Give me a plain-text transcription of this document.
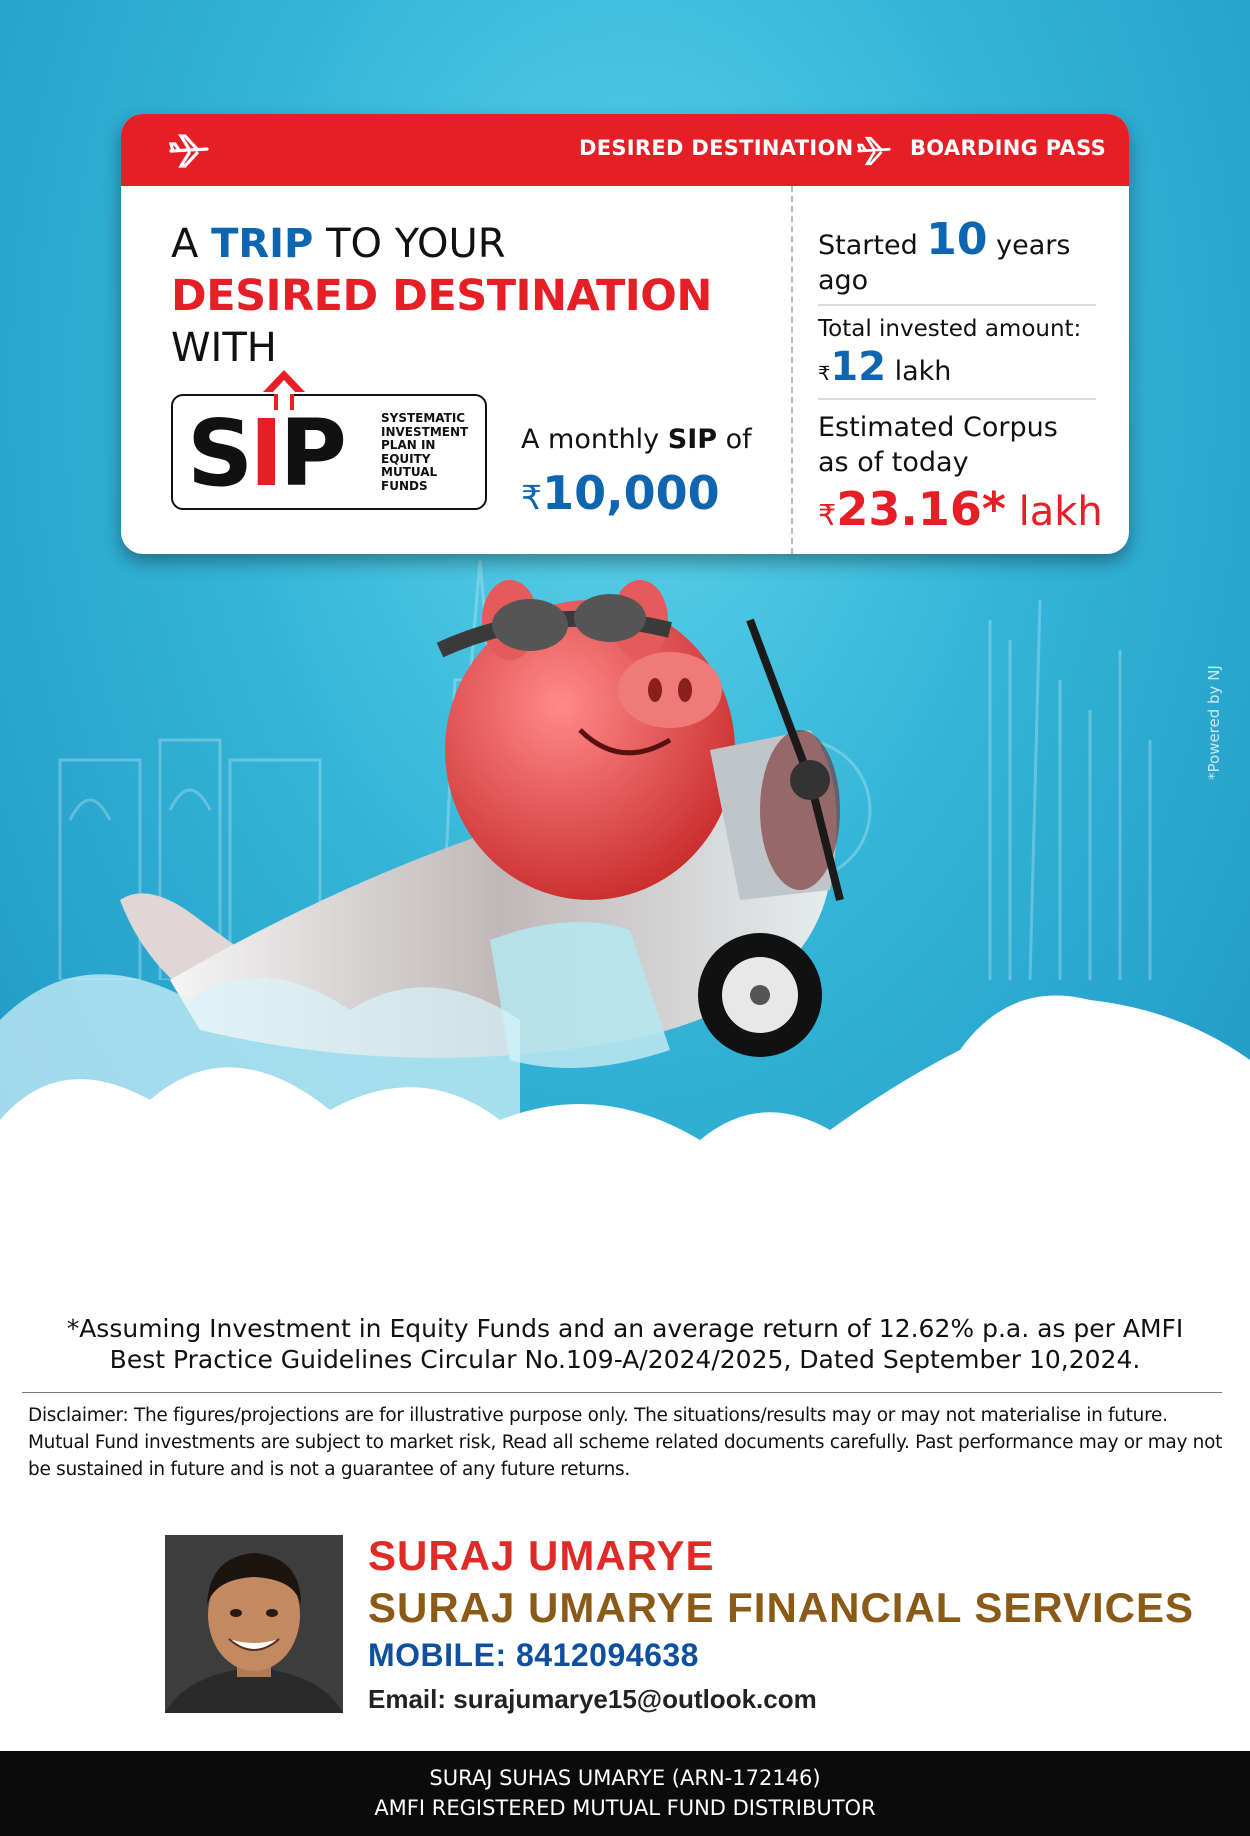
*Powered by NJ
DESIRED DESTINATION	BOARDING PASS
A TRIP TO YOUR
DESIRED DESTINATION
WITH
SIP	SYSTEMATIC
INVESTMENT
PLAN IN
EQUITY
MUTUAL
FUNDS
A monthly SIP of
₹10,000
Started 10 years ago
Total invested amount:
₹12 lakh
Estimated Corpus
as of today
₹23.16* lakh
*Assuming Investment in Equity Funds and an average return of 12.62% p.a. as per AMFI
Best Practice Guidelines Circular No.109-A/2024/2025, Dated September 10,2024.
Disclaimer: The figures/projections are for illustrative purpose only. The situations/results may or may not materialise in future. Mutual Fund investments are subject to market risk, Read all scheme related documents carefully. Past performance may or may not be sustained in future and is not a guarantee of any future returns.
SURAJ UMARYE
SURAJ UMARYE FINANCIAL SERVICES
MOBILE: 8412094638
Email: surajumarye15@outlook.com
SURAJ SUHAS UMARYE (ARN-172146)
AMFI REGISTERED MUTUAL FUND DISTRIBUTOR
